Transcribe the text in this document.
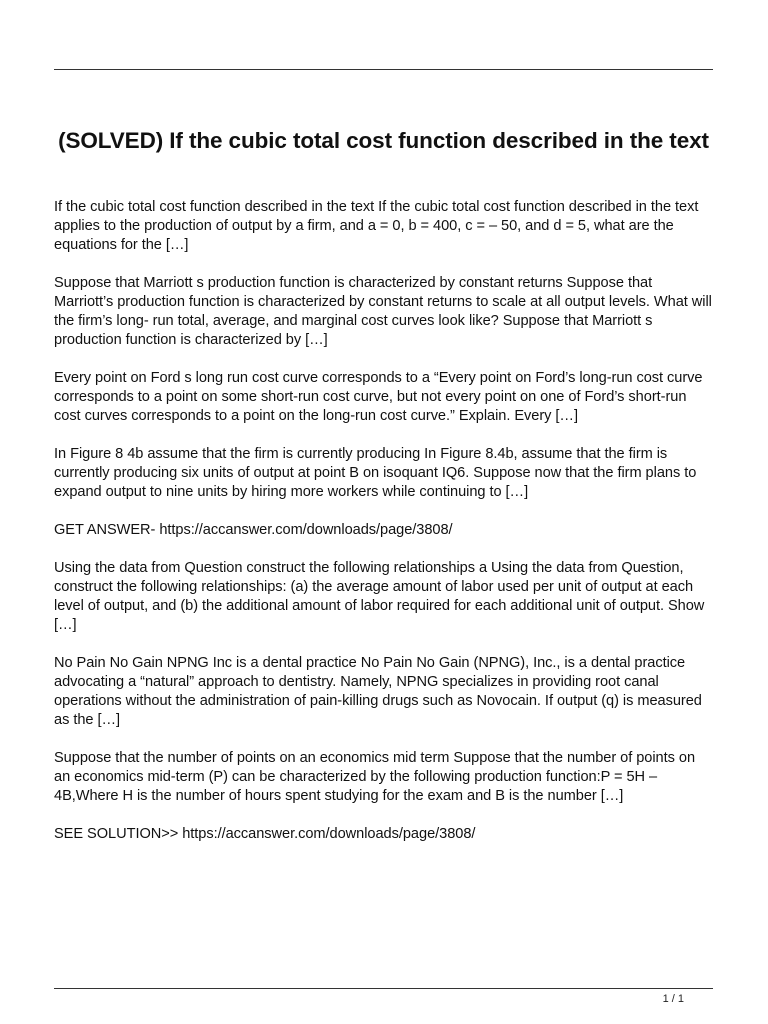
(SOLVED) If the cubic total cost function described in the text

If the cubic total cost function described in the text If the cubic total cost function described in the text applies to the production of output by a firm, and a = 0, b = 400, c = – 50, and d = 5, what are the equations for the […]

Suppose that Marriott s production function is characterized by constant returns Suppose that Marriott’s production function is characterized by constant returns to scale at all output levels. What will the firm’s long- run total, average, and marginal cost curves look like? Suppose that Marriott s production function is characterized by […]

Every point on Ford s long run cost curve corresponds to a “Every point on Ford’s long-run cost curve corresponds to a point on some short-run cost curve, but not every point on one of Ford’s short-run cost curves corresponds to a point on the long-run cost curve.” Explain. Every […]

In Figure 8 4b assume that the firm is currently producing In Figure 8.4b, assume that the firm is currently producing six units of output at point B on isoquant IQ6. Suppose now that the firm plans to expand output to nine units by hiring more workers while continuing to […]

GET ANSWER- https://accanswer.com/downloads/page/3808/

Using the data from Question construct the following relationships a Using the data from Question, construct the following relationships: (a) the average amount of labor used per unit of output at each level of output, and (b) the additional amount of labor required for each additional unit of output. Show […]

No Pain No Gain NPNG Inc is a dental practice No Pain No Gain (NPNG), Inc., is a dental practice advocating a “natural” approach to dentistry. Namely, NPNG specializes in providing root canal operations without the administration of pain-killing drugs such as Novocain. If output (q) is measured as the […]

Suppose that the number of points on an economics mid term Suppose that the number of points on an economics mid-term (P) can be characterized by the following production function:P = 5H – 4B,Where H is the number of hours spent studying for the exam and B is the number […]

SEE SOLUTION>> https://accanswer.com/downloads/page/3808/

1 / 1
